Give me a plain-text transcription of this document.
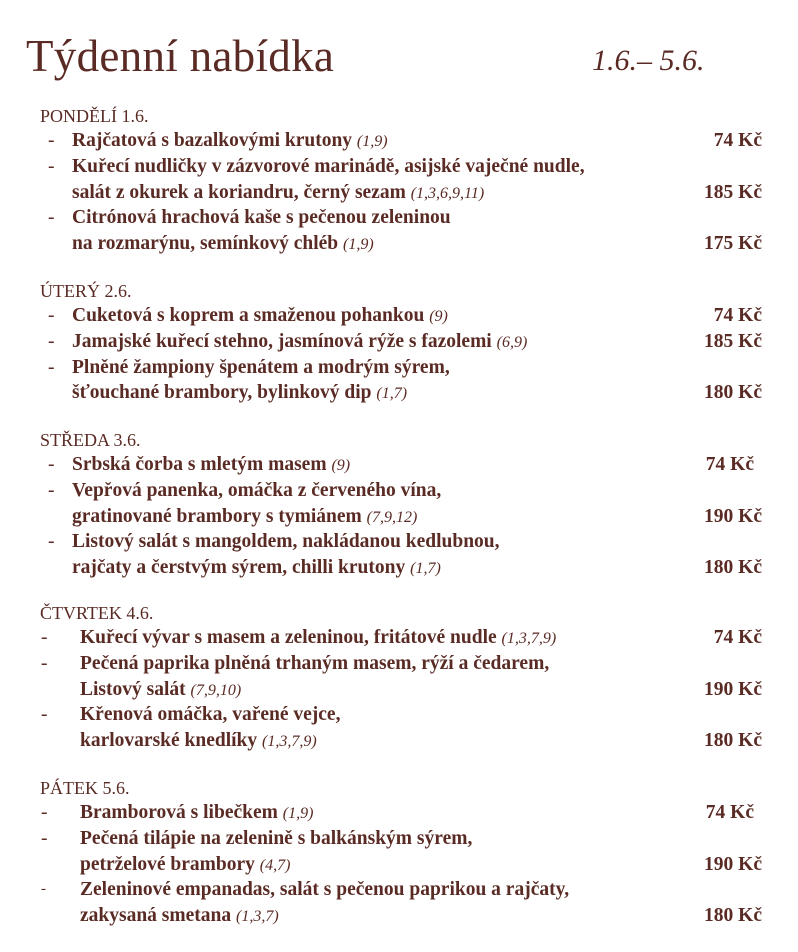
Týdenní nabídka	1.6.– 5.6.
PONDĚLÍ 1.6.
- Rajčatová s bazalkovými krutony (1,9)	74 Kč
- Kuřecí nudličky v zázvorové marinádě, asijské vaječné nudle,
salát z okurek a koriandru, černý sezam (1,3,6,9,11)	185 Kč
- Citrónová hrachová kaše s pečenou zeleninou
na rozmarýnu, semínkový chléb (1,9)	175 Kč
ÚTERÝ 2.6.
- Cuketová s koprem a smaženou pohankou (9)	74 Kč
- Jamajské kuřecí stehno, jasmínová rýže s fazolemi (6,9)	185 Kč
- Plněné žampiony špenátem a modrým sýrem,
šťouchané brambory, bylinkový dip (1,7)	180 Kč
STŘEDA 3.6.
- Srbská čorba s mletým masem (9)	74 Kč
- Vepřová panenka, omáčka z červeného vína,
gratinované brambory s tymiánem (7,9,12)	190 Kč
- Listový salát s mangoldem, nakládanou kedlubnou,
rajčaty a čerstvým sýrem, chilli krutony (1,7)	180 Kč
ČTVRTEK 4.6.
- Kuřecí vývar s masem a zeleninou, fritátové nudle (1,3,7,9)	74 Kč
- Pečená paprika plněná trhaným masem, rýží a čedarem,
Listový salát (7,9,10)	190 Kč
- Křenová omáčka, vařené vejce,
karlovarské knedlíky (1,3,7,9)	180 Kč
PÁTEK 5.6.
- Bramborová s libečkem (1,9)	74 Kč
- Pečená tilápie na zelenině s balkánským sýrem,
petrželové brambory (4,7)	190 Kč
- Zeleninové empanadas, salát s pečenou paprikou a rajčaty,
zakysaná smetana (1,3,7)	180 Kč
